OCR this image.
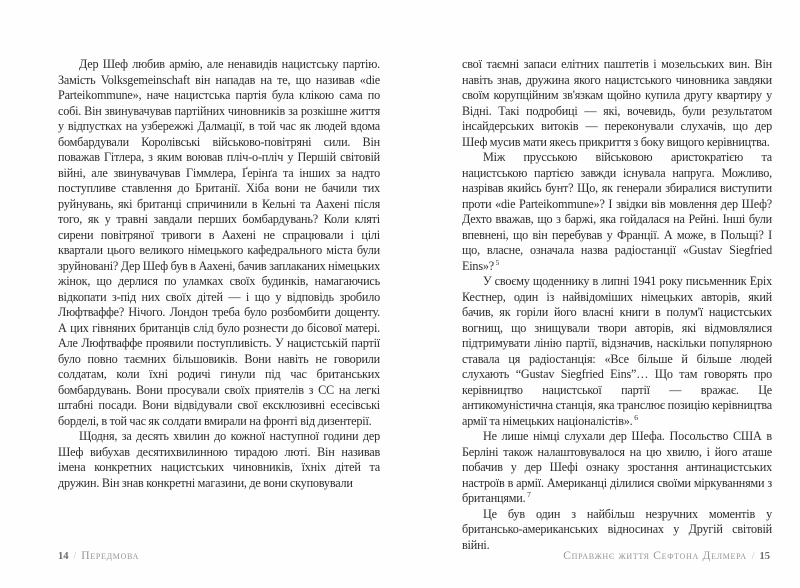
Дер Шеф любив армію, але ненавидів нацистську партію. Замість Volksgemeinschaft він нападав на те, що називав «die Parteikommune», наче нацистська партія була клікою сама по собі. Він звинувачував партійних чиновників за розкішне життя у відпустках на узбережжі Далмації, в той час як людей вдома бомбардували Королівські військово-повітряні сили. Він поважав Гітлера, з яким воював пліч-о-пліч у Першій світовій війні, але звинувачував Гіммлера, Ґерінґа та інших за надто поступливе ставлення до Британії. Хіба вони не бачили тих руйнувань, які британці спричинили в Кельні та Аахені після того, як у травні завдали перших бомбардувань? Коли кляті сирени повітряної тривоги в Аахені не спрацювали і цілі квартали цього великого німецького кафедрального міста були зруйновані? Дер Шеф був в Аахені, бачив заплаканих німецьких жінок, що дерлися по уламках своїх будинків, намагаючись відкопати з-під них своїх дітей — і що у відповідь зробило Люфтваффе? Нічого. Лондон треба було розбомбити дощенту. А цих гівняних британців слід було рознести до бісової матері. Але Люфтваффе проявили поступливість. У нацистській партії було повно таємних більшовиків. Вони навіть не говорили солдатам, коли їхні родичі гинули під час британських бомбардувань. Вони просували своїх приятелів з СС на легкі штабні посади. Вони відвідували свої ексклюзивні есесівські борделі, в той час як солдати вмирали на фронті від дизентерії.

Щодня, за десять хвилин до кожної наступної години дер Шеф вибухав десятихвилинною тирадою люті. Він називав імена конкретних нацистських чиновників, їхніх дітей та дружин. Він знав конкретні магазини, де вони скуповували

14 / Передмова

свої таємні запаси елітних паштетів і мозельських вин. Він навіть знав, дружина якого нацистського чиновника завдяки своїм корупційним зв'язкам щойно купила другу квартиру у Відні. Такі подробиці — які, вочевидь, були результатом інсайдерських витоків — переконували слухачів, що дер Шеф мусив мати якесь прикриття з боку вищого керівництва.

Між прусською військовою аристократією та нацистською партією завжди існувала напруга. Можливо, назрівав якийсь бунт? Що, як генерали збиралися виступити проти «die Parteikommune»? І звідки вів мовлення дер Шеф? Дехто вважав, що з баржі, яка гойдалася на Рейні. Інші були впевнені, що він перебував у Франції. А може, в Польщі? І що, власне, означала назва радіостанції «Gustav Siegfried Eins»? $^5$

У своєму щоденнику в липні 1941 року письменник Еріх Кестнер, один із найвідоміших німецьких авторів, який бачив, як горіли його власні книги в полум'ї нацистських вогнищ, що знищували твори авторів, які відмовлялися підтримувати лінію партії, відзначив, наскільки популярною ставала ця радіостанція: «Все більше й більше людей слухають “Gustav Siegfried Eins”… Що там говорять про керівництво нацистської партії — вражає. Це антикомуністична станція, яка транслює позицію керівництва армії та німецьких націоналістів». $^6$

Не лише німці слухали дер Шефа. Посольство США в Берліні також налаштовувалося на цю хвилю, і його аташе побачив у дер Шефі ознаку зростання антинацистських настроїв в армії. Американці ділилися своїми міркуваннями з британцями. $^7$

Це був один з найбільш незручних моментів у британсько-американських відносинах у Другій світовій війні.

Справжнє життя Сефтона Делмера / 15
